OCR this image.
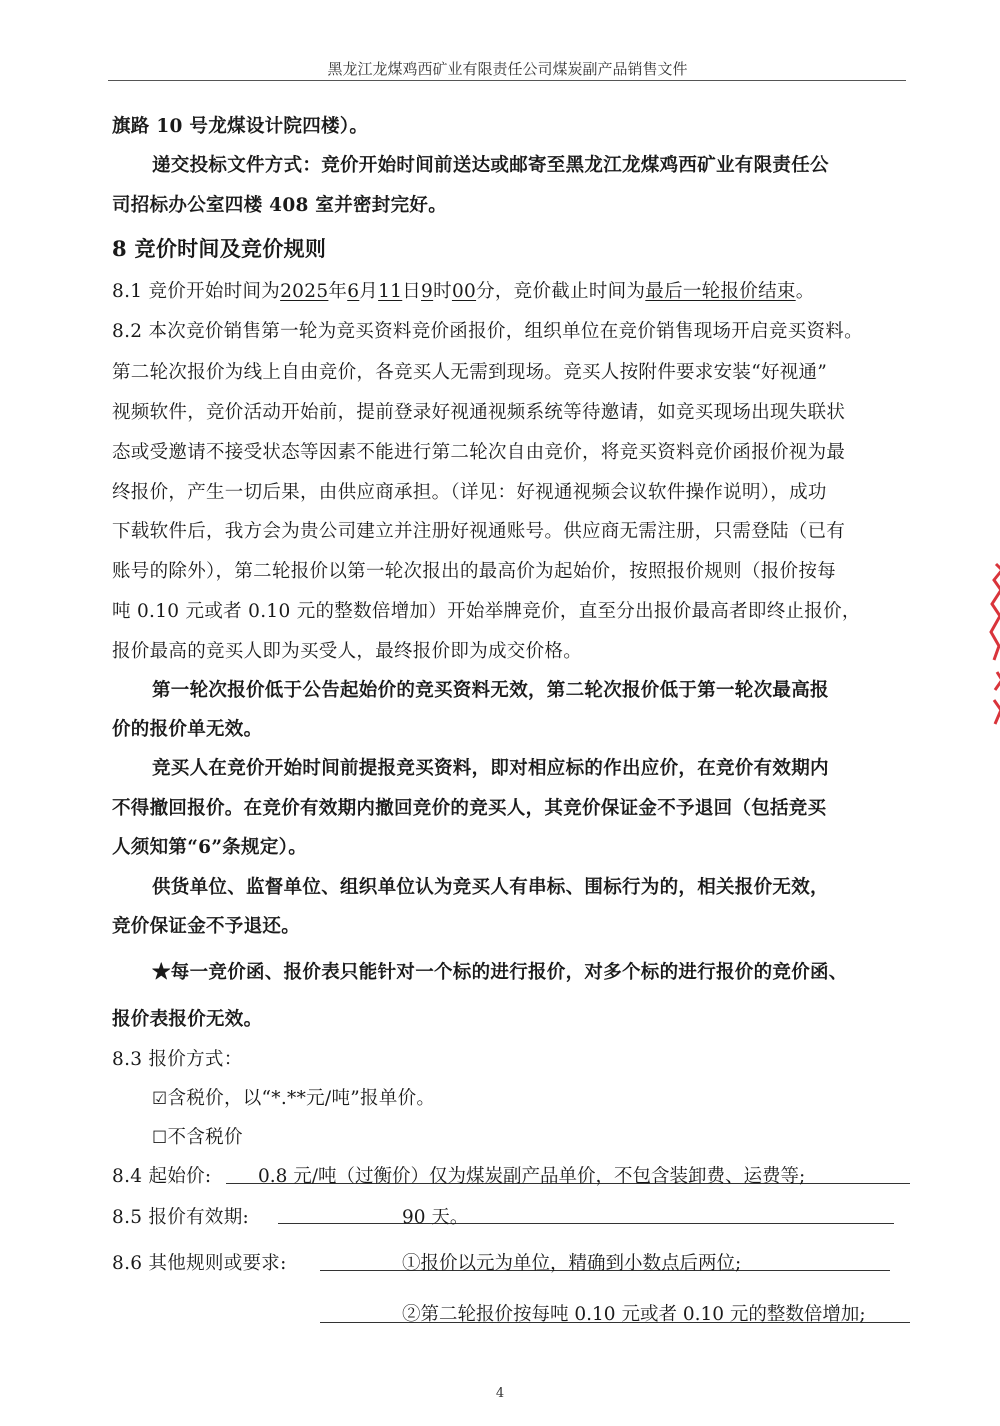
黑龙江龙煤鸡西矿业有限责任公司煤炭副产品销售文件
旗路 10 号龙煤设计院四楼）。
递交投标文件方式：竞价开始时间前送达或邮寄至黑龙江龙煤鸡西矿业有限责任公
司招标办公室四楼 408 室并密封完好。
8 竞价时间及竞价规则
8.1 竞价开始时间为2025年6月11日9时00分，竞价截止时间为最后一轮报价结束。
8.2 本次竞价销售第一轮为竞买资料竞价函报价，组织单位在竞价销售现场开启竞买资料。
第二轮次报价为线上自由竞价，各竞买人无需到现场。竞买人按附件要求安装“好视通”
视频软件，竞价活动开始前，提前登录好视通视频系统等待邀请，如竞买现场出现失联状
态或受邀请不接受状态等因素不能进行第二轮次自由竞价，将竞买资料竞价函报价视为最
终报价，产生一切后果，由供应商承担。（详见：好视通视频会议软件操作说明），成功
下载软件后，我方会为贵公司建立并注册好视通账号。供应商无需注册，只需登陆（已有
账号的除外），第二轮报价以第一轮次报出的最高价为起始价，按照报价规则（报价按每
吨 0.10 元或者 0.10 元的整数倍增加）开始举牌竞价，直至分出报价最高者即终止报价，
报价最高的竞买人即为买受人，最终报价即为成交价格。
第一轮次报价低于公告起始价的竞买资料无效，第二轮次报价低于第一轮次最高报
价的报价单无效。
竞买人在竞价开始时间前提报竞买资料，即对相应标的作出应价，在竞价有效期内
不得撤回报价。在竞价有效期内撤回竞价的竞买人，其竞价保证金不予退回（包括竞买
人须知第“6”条规定）。
供货单位、监督单位、组织单位认为竞买人有串标、围标行为的，相关报价无效，
竞价保证金不予退还。
★每一竞价函、报价表只能针对一个标的进行报价，对多个标的进行报价的竞价函、
报价表报价无效。
8.3 报价方式：
☑含税价，以“*.**元/吨”报单价。
☐不含税价
8.4 起始价:	0.8 元/吨（过衡价）仅为煤炭副产品单价，不包含装卸费、运费等;
8.5 报价有效期:	90 天。
8.6 其他规则或要求:	①报价以元为单位，精确到小数点后两位;
②第二轮报价按每吨 0.10 元或者 0.10 元的整数倍增加;
4
